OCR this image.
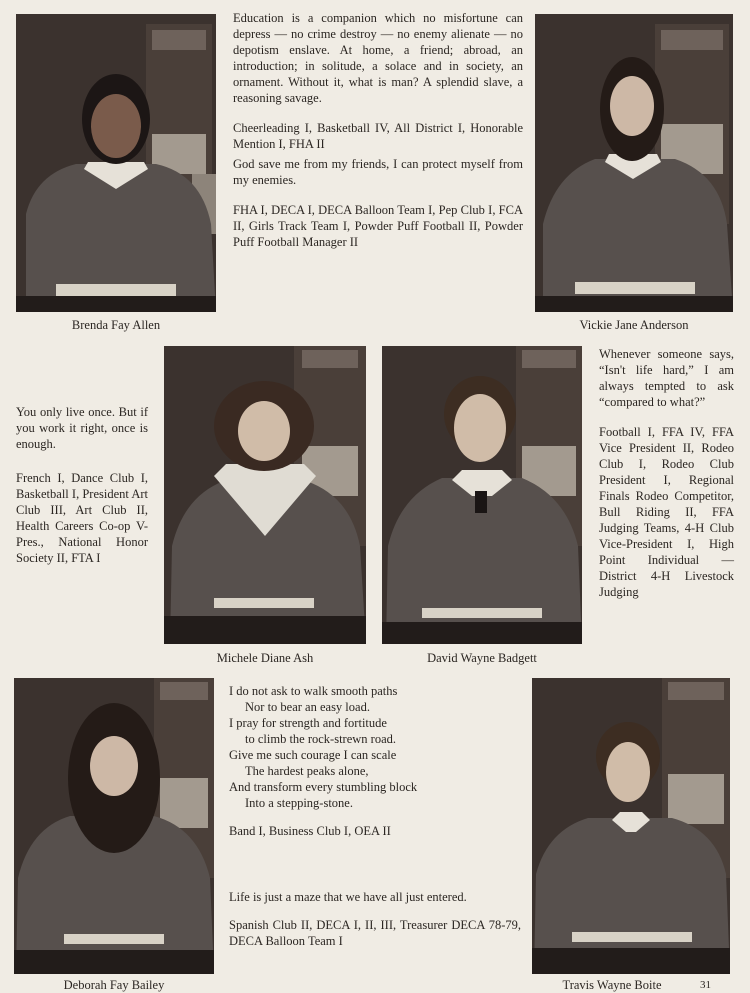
Brenda Fay Allen

Education is a companion which no misfortune can depress — no crime destroy — no enemy alienate — no depotism enslave. At home, a friend; abroad, an introduction; in solitude, a solace and in society, an ornament. Without it, what is man? A splendid slave, a reasoning savage.

Cheerleading I, Basketball IV, All District I, Honorable Mention I, FHA II

God save me from my friends, I can protect myself from my enemies.

FHA I, DECA I, DECA Balloon Team I, Pep Club I, FCA II, Girls Track Team I, Powder Puff Football II, Powder Puff Football Manager II

Vickie Jane Anderson

You only live once. But if you work it right, once is enough.

French I, Dance Club I, Basketball I, President Art Club III, Art Club II, Health Careers Co-op V-Pres., National Honor Society II, FTA I

Michele Diane Ash	David Wayne Badgett

Whenever someone says, “Isn't life hard,” I am always tempted to ask “compared to what?”

Football I, FFA IV, FFA Vice President II, Rodeo Club I, Rodeo Club President I, Regional Finals Rodeo Competitor, Bull Riding II, FFA Judging Teams, 4-H Club Vice-President I, High Point Individual — District 4-H Livestock Judging

Deborah Fay Bailey
I do not ask to walk smooth paths
Nor to bear an easy load.
I pray for strength and fortitude
to climb the rock-strewn road.
Give me such courage I can scale
The hardest peaks alone,
And transform every stumbling block
Into a stepping-stone.

Band I, Business Club I, OEA II

Life is just a maze that we have all just entered.

Spanish Club II, DECA I, II, III, Treasurer DECA 78-79, DECA Balloon Team I

Travis Wayne Boite	31
